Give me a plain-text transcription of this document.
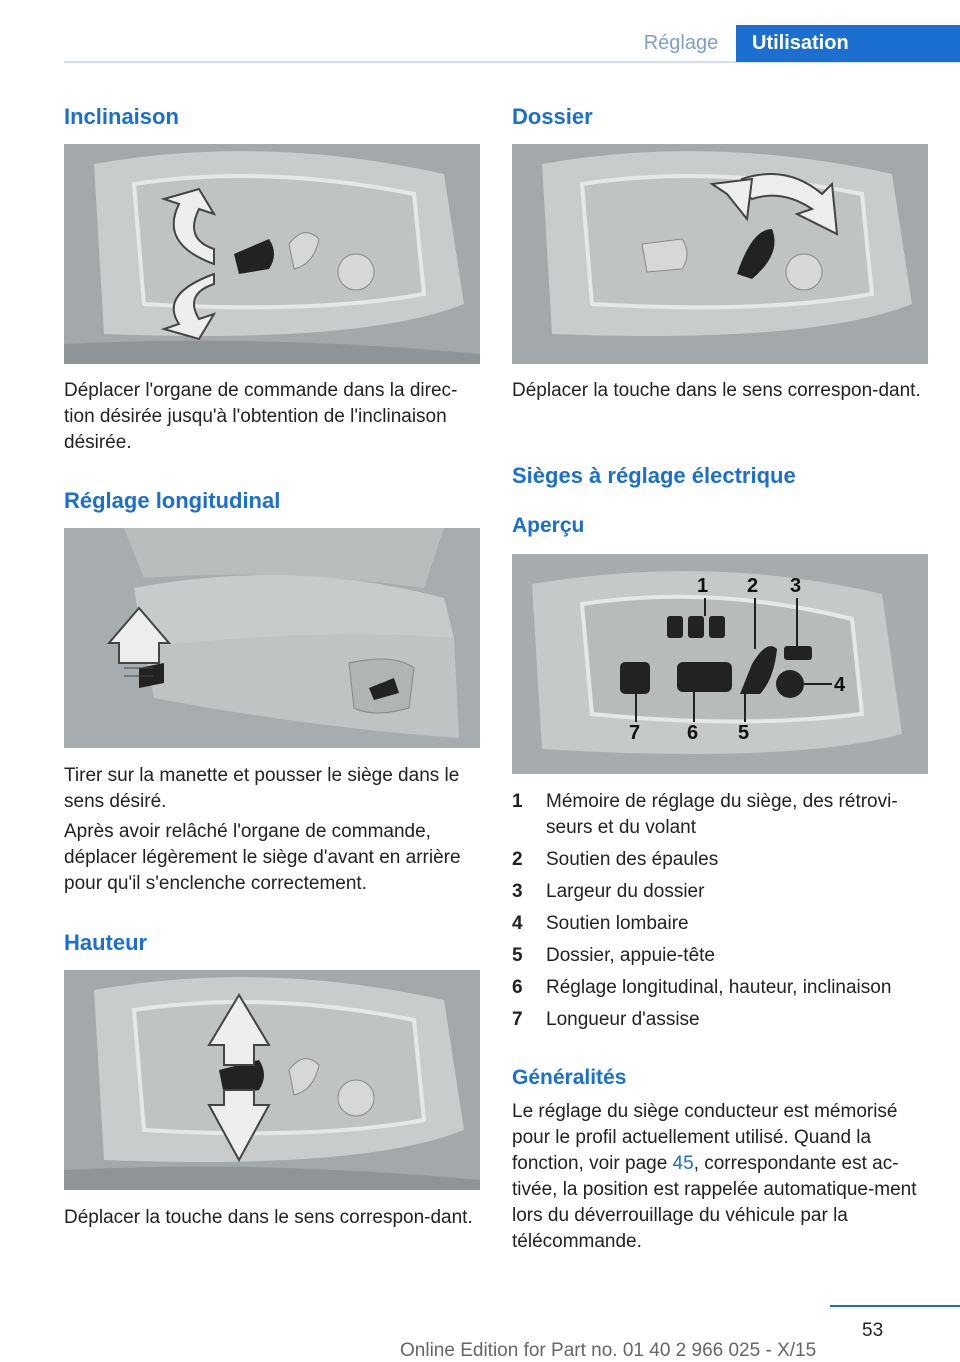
Réglage	Utilisation
Inclinaison

Déplacer l'organe de commande dans la direc‐tion désirée jusqu'à l'obtention de l'inclinaison désirée.

Réglage longitudinal

Tirer sur la manette et pousser le siège dans le sens désiré.

Après avoir relâché l'organe de commande, déplacer légèrement le siège d'avant en arrière pour qu'il s'enclenche correctement.

Hauteur

Déplacer la touche dans le sens correspon‐dant.

Dossier

Déplacer la touche dans le sens correspon‐dant.

Sièges à réglage électrique
Aperçu
1 2 3
4
5
6
7
1	Mémoire de réglage du siège, des rétrovi‐seurs et du volant
2	Soutien des épaules
3	Largeur du dossier
4	Soutien lombaire
5	Dossier, appuie-tête
6	Réglage longitudinal, hauteur, inclinaison
7	Longueur d'assise
Généralités

Le réglage du siège conducteur est mémorisé pour le profil actuellement utilisé. Quand la fonction, voir page 45, correspondante est ac‐tivée, la position est rappelée automatique‐ment lors du déverrouillage du véhicule par la télécommande.

53
Online Edition for Part no. 01 40 2 966 025 - X/15
